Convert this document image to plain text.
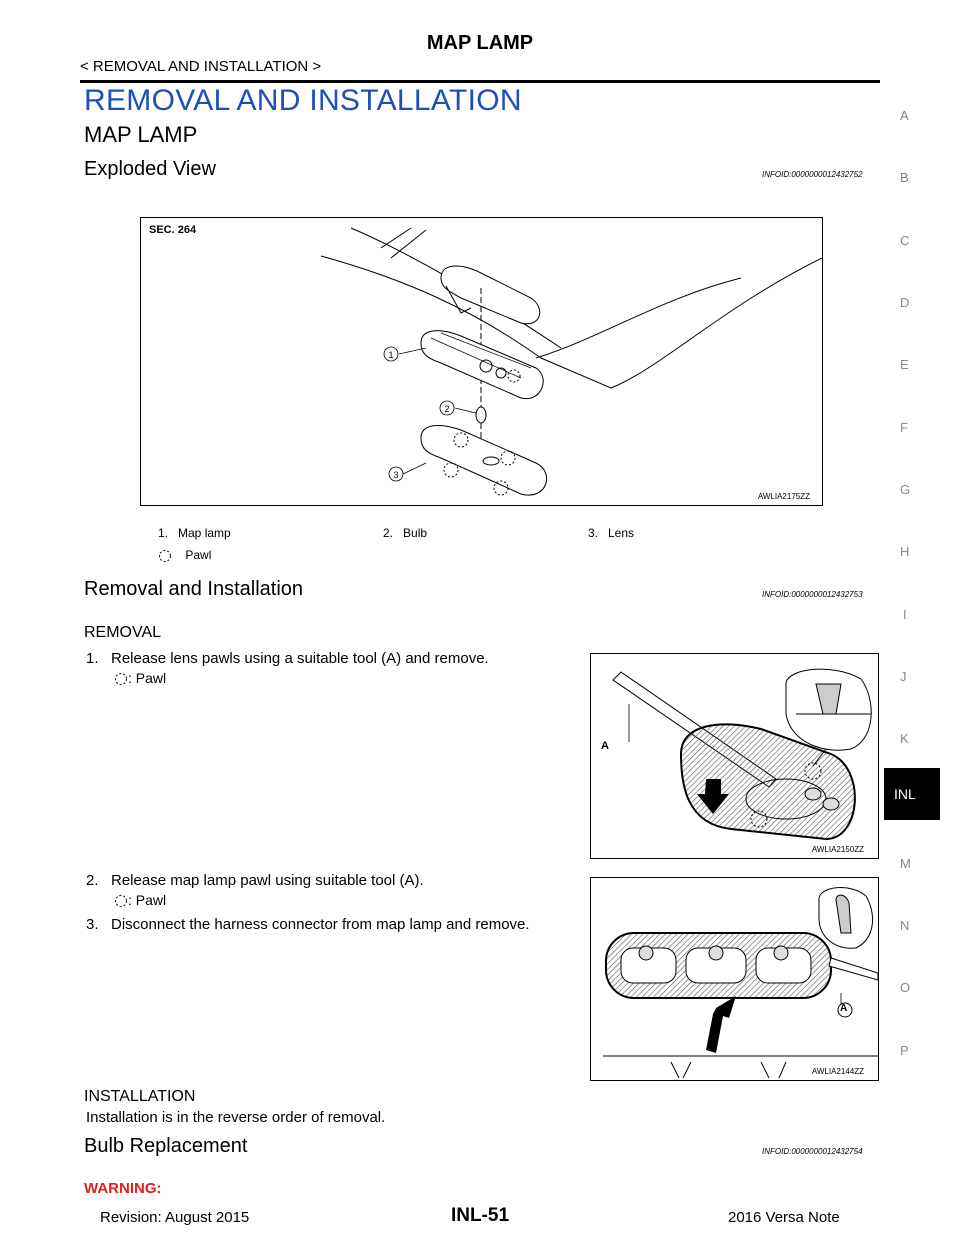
MAP LAMP
< REMOVAL AND INSTALLATION >
REMOVAL AND INSTALLATION
MAP LAMP
Exploded View	INFOID:0000000012432752
SEC. 264
1
2
3
AWLIA2175ZZ
1.   Map lamp	2.   Bulb	3.   Lens
Pawl
Removal and Installation	INFOID:0000000012432753
REMOVAL
1.   Release lens pawls using a suitable tool (A) and remove.
: Pawl
A
AWLIA2150ZZ
2.   Release map lamp pawl using suitable tool (A).
: Pawl
3.   Disconnect the harness connector from map lamp and remove.
A
AWLIA2144ZZ
INSTALLATION
Installation is in the reverse order of removal.
Bulb Replacement	INFOID:0000000012432754
WARNING:
A
B
C
D
E
F
G
H
I
J
K
M
N
O
P
INL
Revision: August 2015	INL-51	2016 Versa Note
